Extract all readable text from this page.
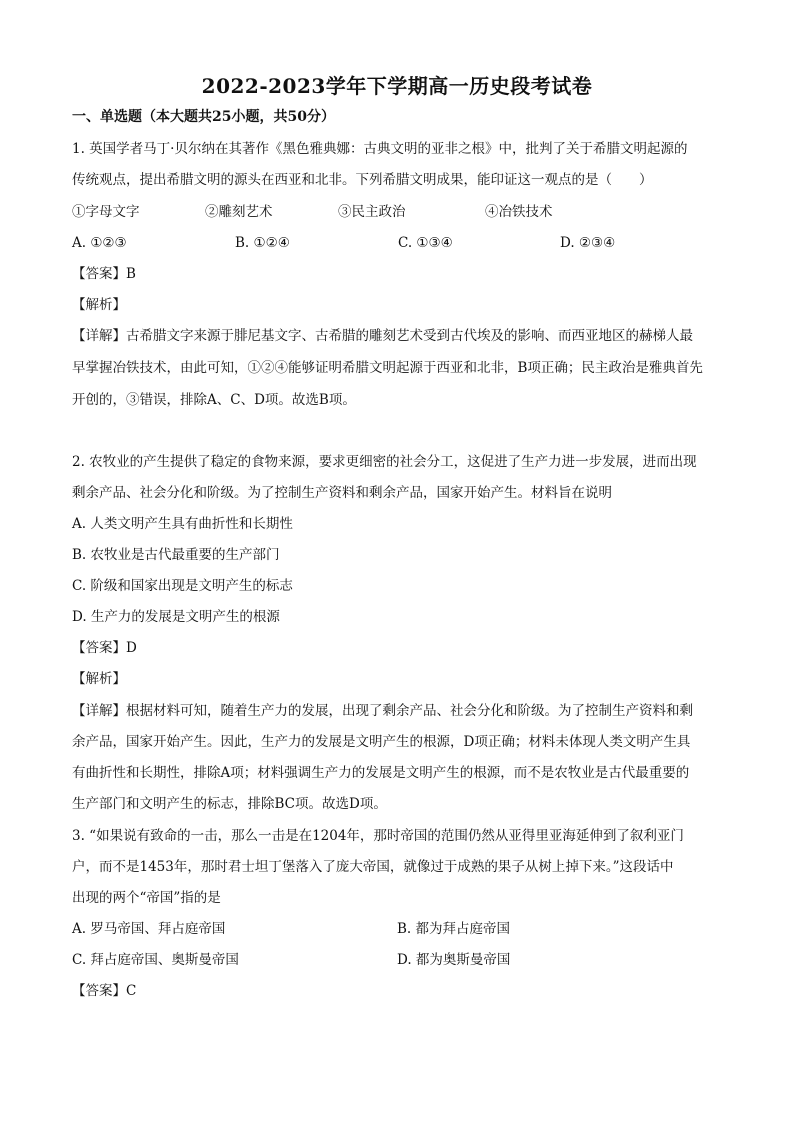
2022-2023学年下学期高一历史段考试卷
一、单选题（本大题共25小题，共50分）
1. 英国学者马丁·贝尔纳在其著作《黑色雅典娜：古典文明的亚非之根》中，批判了关于希腊文明起源的
传统观点，提出希腊文明的源头在西亚和北非。下列希腊文明成果，能印证这一观点的是（　　）
①字母文字	②雕刻艺术	③民主政治	④冶铁技术
A. ①②③	B. ①②④	C. ①③④	D. ②③④
【答案】B
【解析】
【详解】古希腊文字来源于腓尼基文字、古希腊的雕刻艺术受到古代埃及的影响、而西亚地区的赫梯人最
早掌握冶铁技术，由此可知，①②④能够证明希腊文明起源于西亚和北非，B项正确；民主政治是雅典首先
开创的，③错误，排除A、C、D项。故选B项。
2. 农牧业的产生提供了稳定的食物来源，要求更细密的社会分工，这促进了生产力进一步发展，进而出现
剩余产品、社会分化和阶级。为了控制生产资料和剩余产品，国家开始产生。材料旨在说明
A. 人类文明产生具有曲折性和长期性
B. 农牧业是古代最重要的生产部门
C. 阶级和国家出现是文明产生的标志
D. 生产力的发展是文明产生的根源
【答案】D
【解析】
【详解】根据材料可知，随着生产力的发展，出现了剩余产品、社会分化和阶级。为了控制生产资料和剩
余产品，国家开始产生。因此，生产力的发展是文明产生的根源，D项正确；材料未体现人类文明产生具
有曲折性和长期性，排除A项；材料强调生产力的发展是文明产生的根源，而不是农牧业是古代最重要的
生产部门和文明产生的标志，排除BC项。故选D项。
3. “如果说有致命的一击，那么一击是在1204年，那时帝国的范围仍然从亚得里亚海延伸到了叙利亚门
户，而不是1453年，那时君士坦丁堡落入了庞大帝国，就像过于成熟的果子从树上掉下来。”这段话中
出现的两个“帝国”指的是
A. 罗马帝国、拜占庭帝国	B. 都为拜占庭帝国
C. 拜占庭帝国、奥斯曼帝国	D. 都为奥斯曼帝国
【答案】C
